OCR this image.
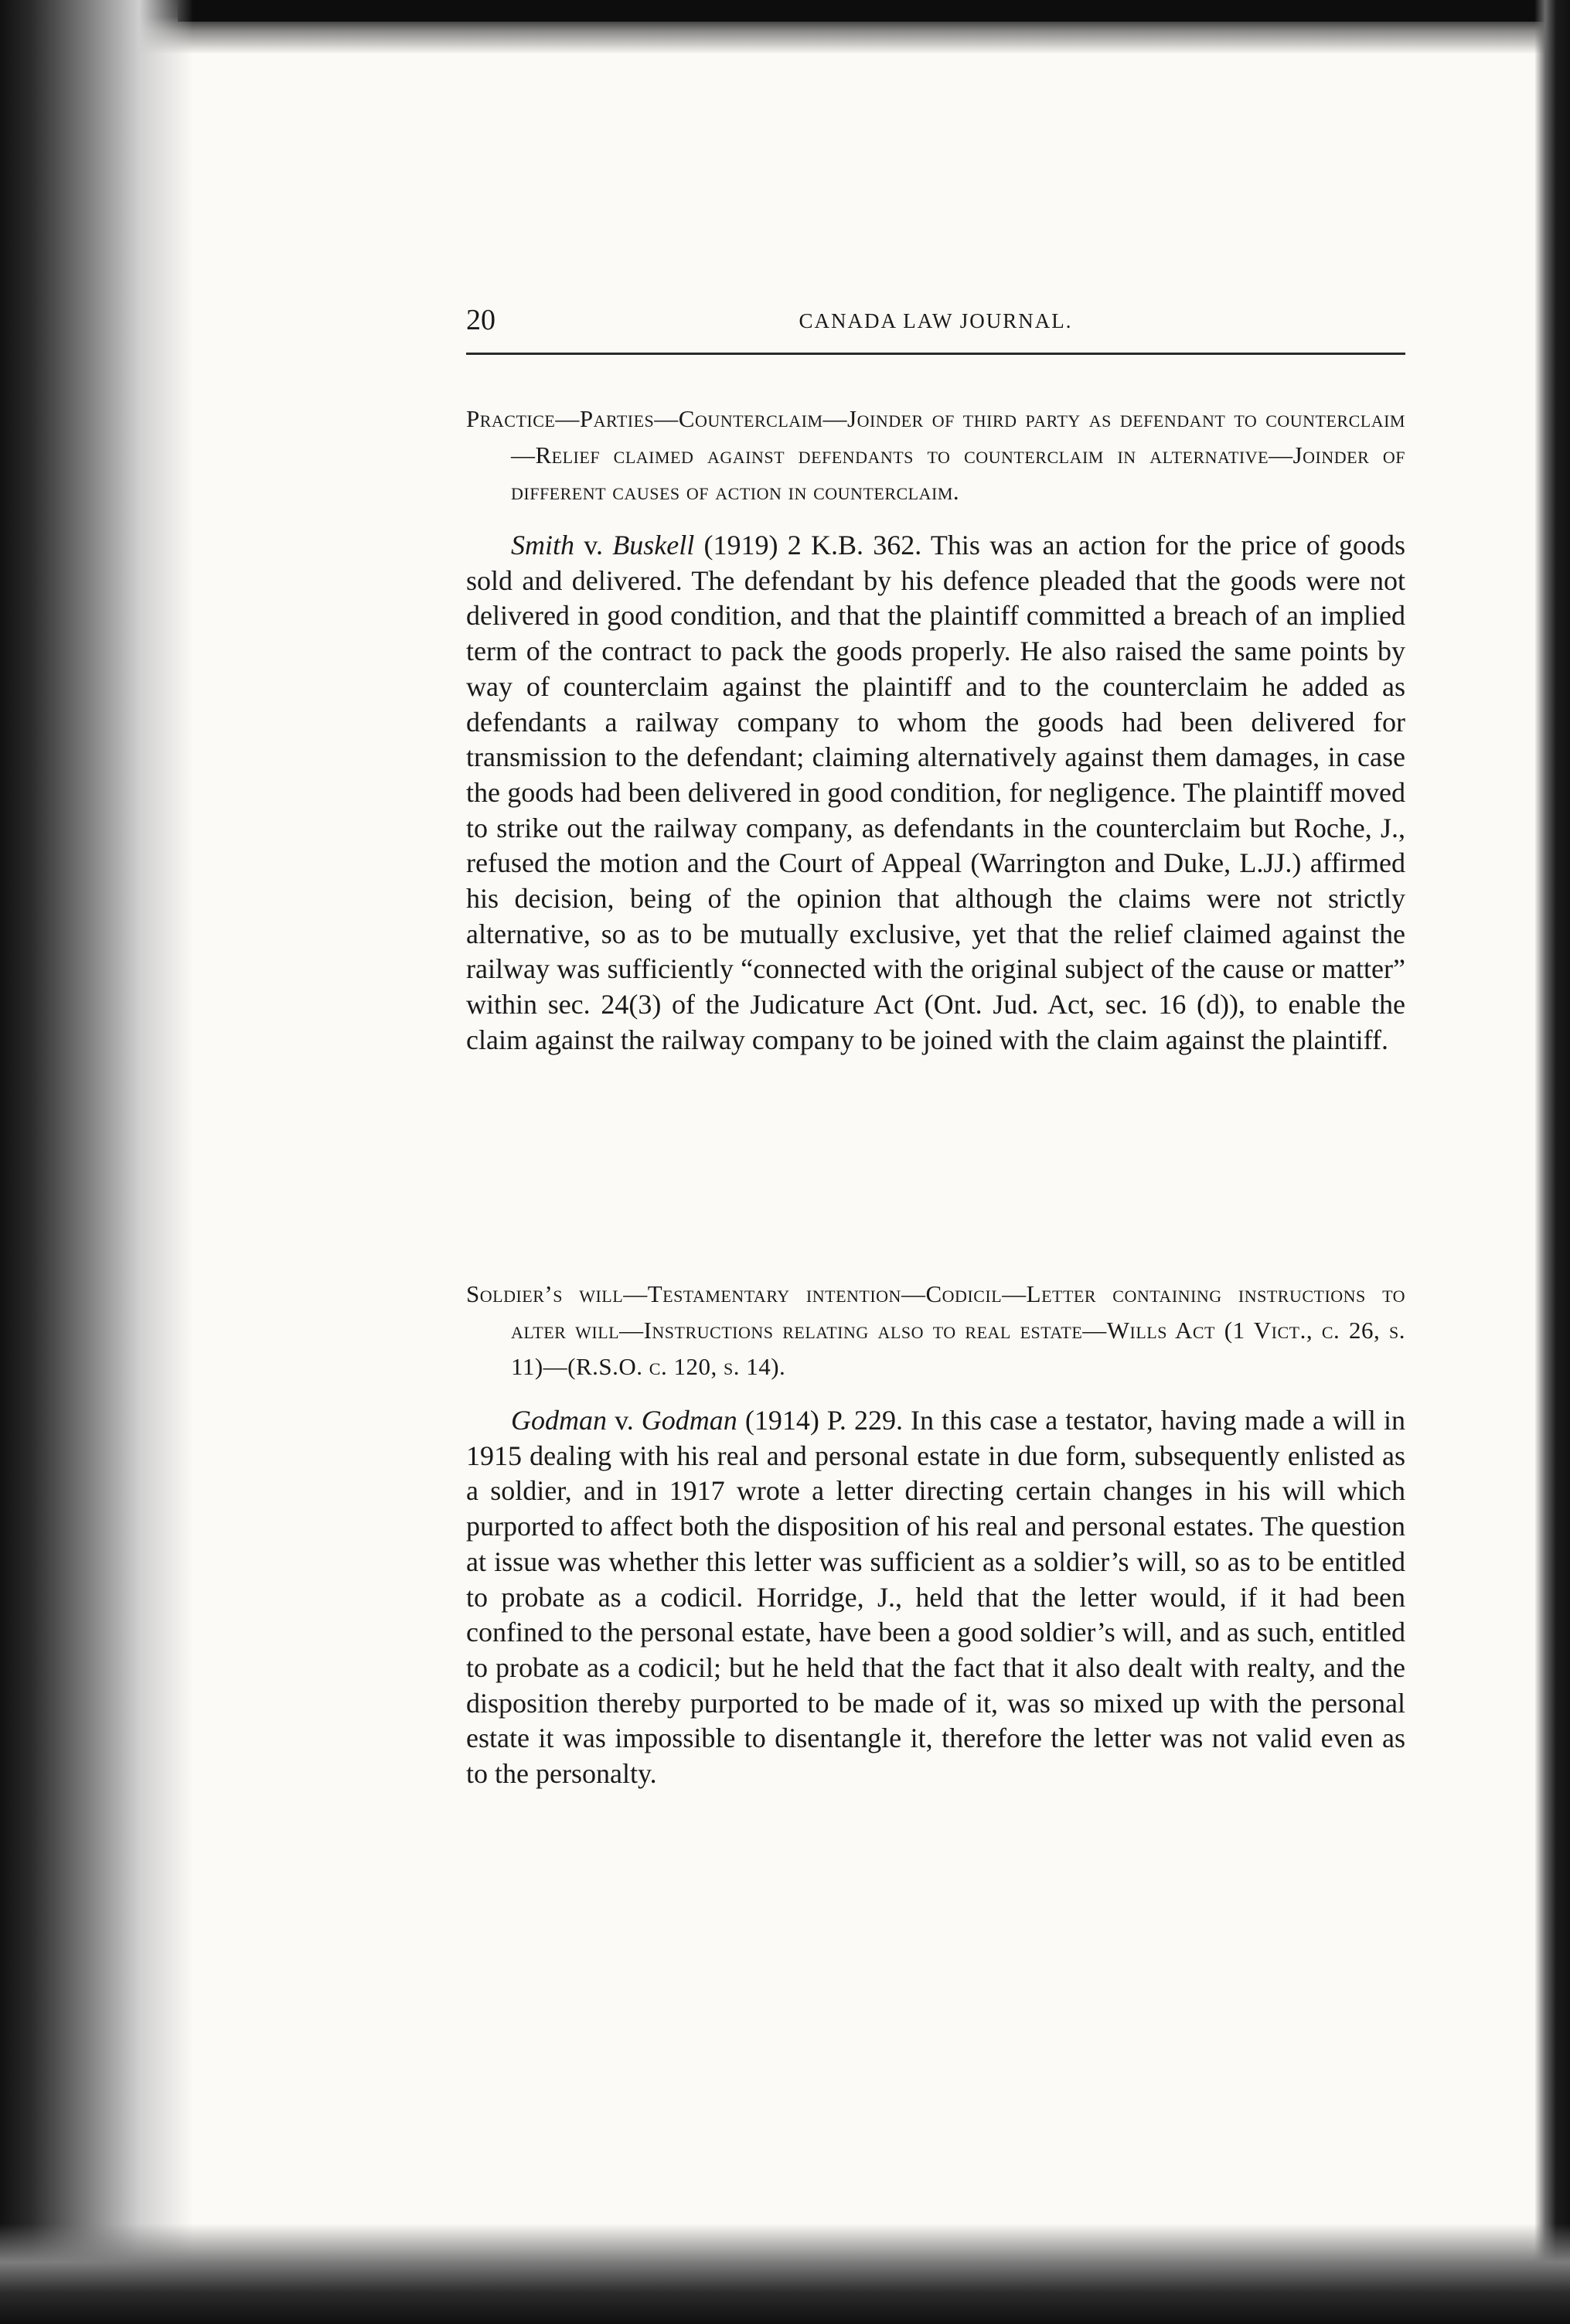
20	CANADA LAW JOURNAL.
Practice—Parties—Counterclaim—Joinder of third party as defendant to counterclaim—Relief claimed against defendants to counterclaim in alternative—Joinder of different causes of action in counterclaim.

Smith v. Buskell (1919) 2 K.B. 362. This was an action for the price of goods sold and delivered. The defendant by his defence pleaded that the goods were not delivered in good condition, and that the plaintiff committed a breach of an implied term of the contract to pack the goods properly. He also raised the same points by way of counterclaim against the plaintiff and to the counterclaim he added as defendants a railway company to whom the goods had been delivered for transmission to the defendant; claiming alternatively against them damages, in case the goods had been delivered in good condition, for negligence. The plaintiff moved to strike out the railway company, as defendants in the counterclaim but Roche, J., refused the motion and the Court of Appeal (Warrington and Duke, L.JJ.) affirmed his decision, being of the opinion that although the claims were not strictly alternative, so as to be mutually exclusive, yet that the relief claimed against the railway was sufficiently “connected with the original subject of the cause or matter” within sec. 24(3) of the Judicature Act (Ont. Jud. Act, sec. 16 (d)), to enable the claim against the railway company to be joined with the claim against the plaintiff.

Soldier’s will—Testamentary intention—Codicil—Letter containing instructions to alter will—Instructions relating also to real estate—Wills Act (1 Vict., c. 26, s. 11)—(R.S.O. c. 120, s. 14).

Godman v. Godman (1914) P. 229. In this case a testator, having made a will in 1915 dealing with his real and personal estate in due form, subsequently enlisted as a soldier, and in 1917 wrote a letter directing certain changes in his will which purported to affect both the disposition of his real and personal estates. The question at issue was whether this letter was sufficient as a soldier’s will, so as to be entitled to probate as a codicil. Horridge, J., held that the letter would, if it had been confined to the personal estate, have been a good soldier’s will, and as such, entitled to probate as a codicil; but he held that the fact that it also dealt with realty, and the disposition thereby purported to be made of it, was so mixed up with the personal estate it was impossible to disentangle it, therefore the letter was not valid even as to the personalty.
